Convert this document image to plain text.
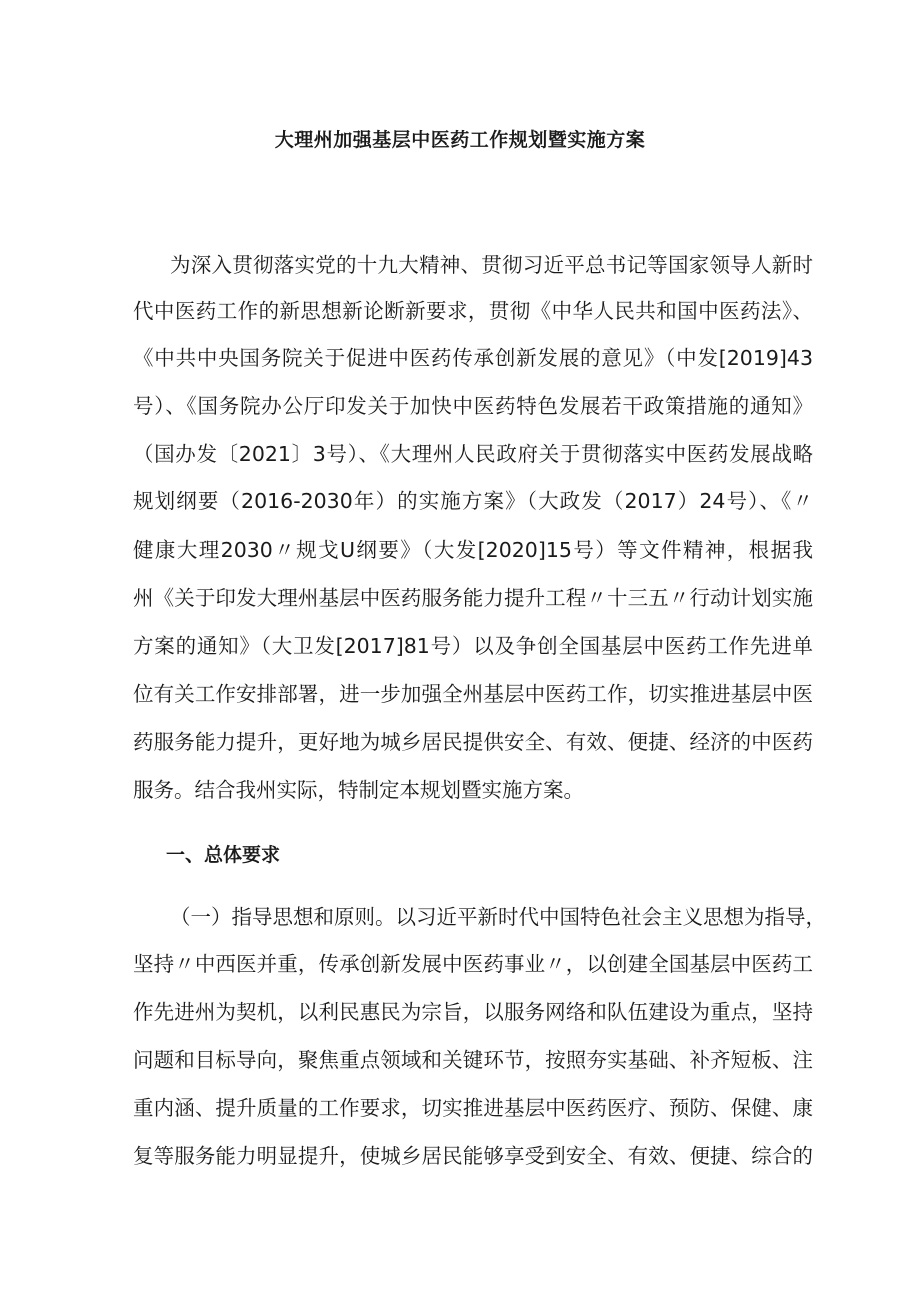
大理州加强基层中医药工作规划暨实施方案
为深入贯彻落实党的十九大精神、贯彻习近平总书记等国家领导人新时
代中医药工作的新思想新论断新要求，贯彻《中华人民共和国中医药法》、
《中共中央国务院关于促进中医药传承创新发展的意见》（中发[2019]43
号）、《国务院办公厅印发关于加快中医药特色发展若干政策措施的通知》
（国办发〔2021〕3号）、《大理州人民政府关于贯彻落实中医药发展战略
规划纲要（2016-2030年）的实施方案》（大政发（2017）24号）、《〃
健康大理2030〃规戈U纲要》（大发[2020]15号）等文件精神，根据我
州《关于印发大理州基层中医药服务能力提升工程〃十三五〃行动计划实施
方案的通知》（大卫发[2017]81号）以及争创全国基层中医药工作先进单
位有关工作安排部署，进一步加强全州基层中医药工作，切实推进基层中医
药服务能力提升，更好地为城乡居民提供安全、有效、便捷、经济的中医药
服务。结合我州实际，特制定本规划暨实施方案。
一、总体要求
（一）指导思想和原则。以习近平新时代中国特色社会主义思想为指导，
坚持〃中西医并重，传承创新发展中医药事业〃，以创建全国基层中医药工
作先进州为契机，以利民惠民为宗旨，以服务网络和队伍建设为重点，坚持
问题和目标导向，聚焦重点领域和关键环节，按照夯实基础、补齐短板、注
重内涵、提升质量的工作要求，切实推进基层中医药医疗、预防、保健、康
复等服务能力明显提升，使城乡居民能够享受到安全、有效、便捷、综合的
